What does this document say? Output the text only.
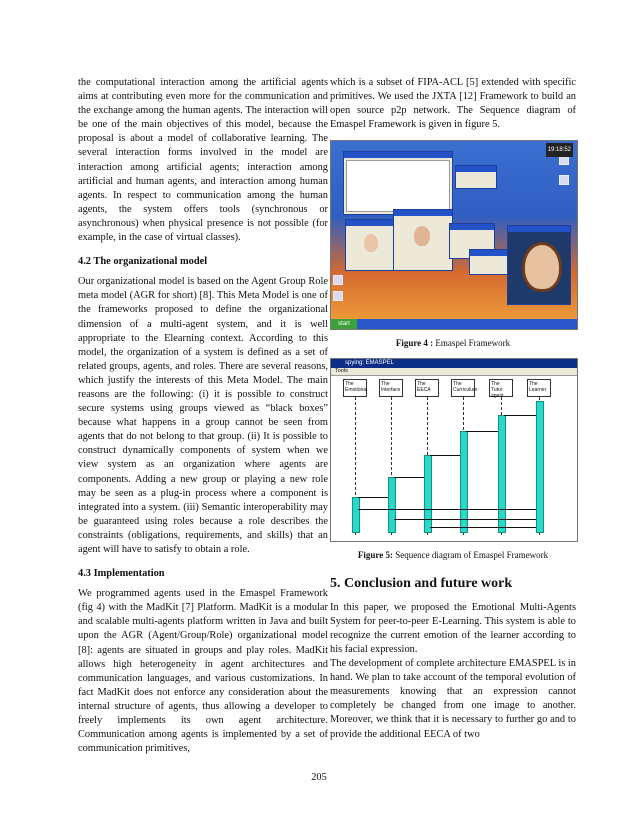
the computational interaction among the artificial agents aims at contributing even more for the communication and the exchange among the human agents. The interaction will be one of the main objectives of this model, because the proposal is about a model of collaborative learning. The several interaction forms involved in the model are interaction among artificial agents; interaction among artificial and human agents, and interaction among human agents. In respect to communication among the human agents, the system offers tools (synchronous or asynchronous) when physical presence is not possible (for example, in the case of virtual classes).

4.2 The organizational model

Our organizational model is based on the Agent Group Role meta model (AGR for short) [8]. This Meta Model is one of the frameworks proposed to define the organizational dimension of a multi-agent system, and it is well appropriate to the Elearning context. According to this model, the organization of a system is defined as a set of related groups, agents, and roles. There are several reasons, which justify the interests of this Meta Model. The main reasons are the following: (i) it is possible to construct secure systems using groups viewed as “black boxes” because what happens in a group cannot be seen from agents that do not belong to that group. (ii) It is possible to construct dynamically components of system when we view system as an organization where agents are components. Adding a new group or playing a new role may be seen as a plug-in process where a component is integrated into a system. (iii) Semantic interoperability may be guaranteed using roles because a role describes the constraints (obligations, requirements, and skills) that an agent will have to satisfy to obtain a role.

4.3 Implementation

We programmed agents used in the Emaspel Framework (fig 4) with the MadKit [7] Platform. MadKit is a modular and scalable multi-agents platform written in Java and built upon the AGR (Agent/Group/Role) organizational model [8]: agents are situated in groups and play roles. MadKit allows high heterogeneity in agent architectures and communication languages, and various customizations. In fact MadKit does not enforce any consideration about the internal structure of agents, thus allowing a developer to freely implements its own agent architecture. Communication among agents is implemented by a set of communication primitives,

which is a subset of FIPA-ACL [5] extended with specific primitives. We used the JXTA [12] Framework to build an open source p2p network. The Sequence diagram of Emaspel Framework is given in figure 5.

19:18:52
start
Figure 4 : Emaspel Framework
spying: EMASPEL
Tools
The Emotional
The Interface
The EECA
The Curriculum
The Tutor agent
The Learner
Figure 5: Sequence diagram of Emaspel Framework
5. Conclusion and future work

In this paper, we proposed the Emotional Multi-Agents System for peer-to-peer E-Learning. This system is able to recognize the current emotion of the learner according to his facial expression.

The development of complete architecture EMASPEL is in hand. We plan to take account of the temporal evolution of measurements knowing that an expression cannot completely be changed from one image to another. Moreover, we think that it is necessary to further go and to provide the additional EECA of two

205
